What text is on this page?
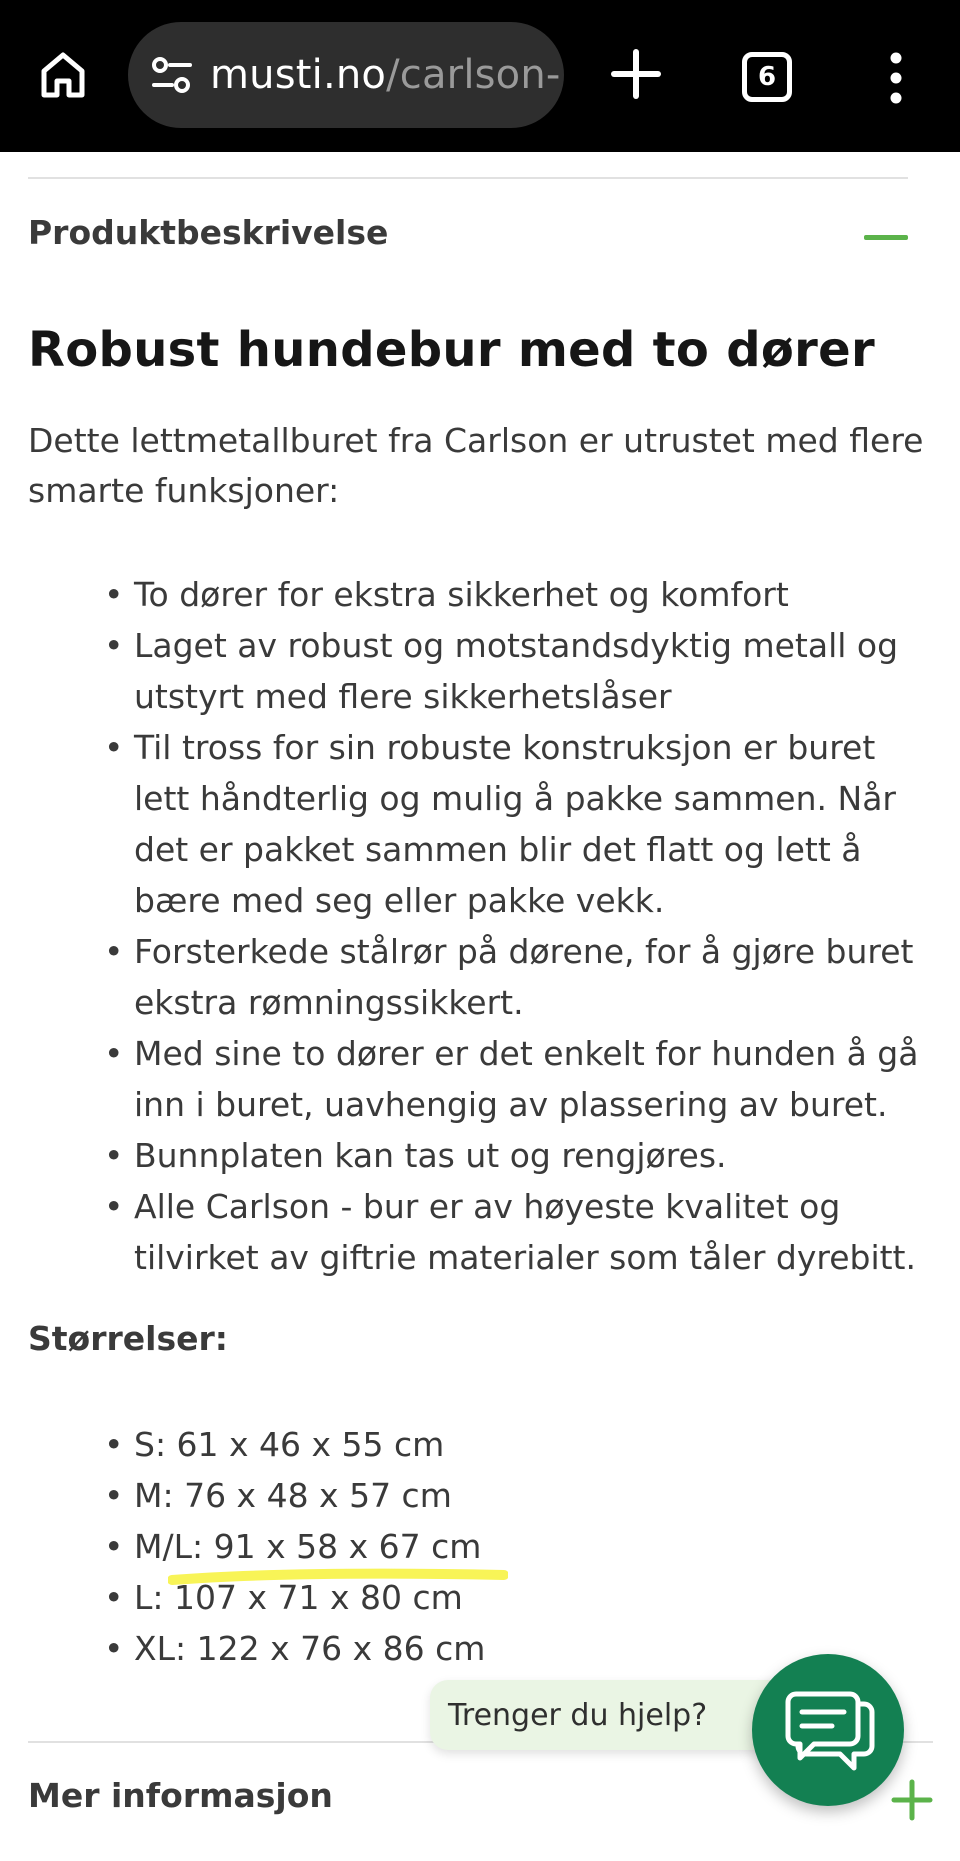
musti.no/carlson-	6
Produktbeskrivelse
Robust hundebur med to dører

Dette lettmetallburet fra Carlson er utrustet med flere smarte funksjoner:

• To dører for ekstra sikkerhet og komfort
• Laget av robust og motstandsdyktig metall og utstyrt med flere sikkerhetslåser
• Til tross for sin robuste konstruksjon er buret lett håndterlig og mulig å pakke sammen. Når det er pakket sammen blir det flatt og lett å bære med seg eller pakke vekk.
• Forsterkede stålrør på dørene, for å gjøre buret ekstra rømningssikkert.
• Med sine to dører er det enkelt for hunden å gå inn i buret, uavhengig av plassering av buret.
• Bunnplaten kan tas ut og rengjøres.
• Alle Carlson - bur er av høyeste kvalitet og tilvirket av giftrie materialer som tåler dyrebitt.
Størrelser:
• S: 61 x 46 x 55 cm
• M: 76 x 48 x 57 cm
• M/L: 91 x 58 x 67 cm
• L: 107 x 71 x 80 cm
• XL: 122 x 76 x 86 cm
Mer informasjon
Trenger du hjelp?
